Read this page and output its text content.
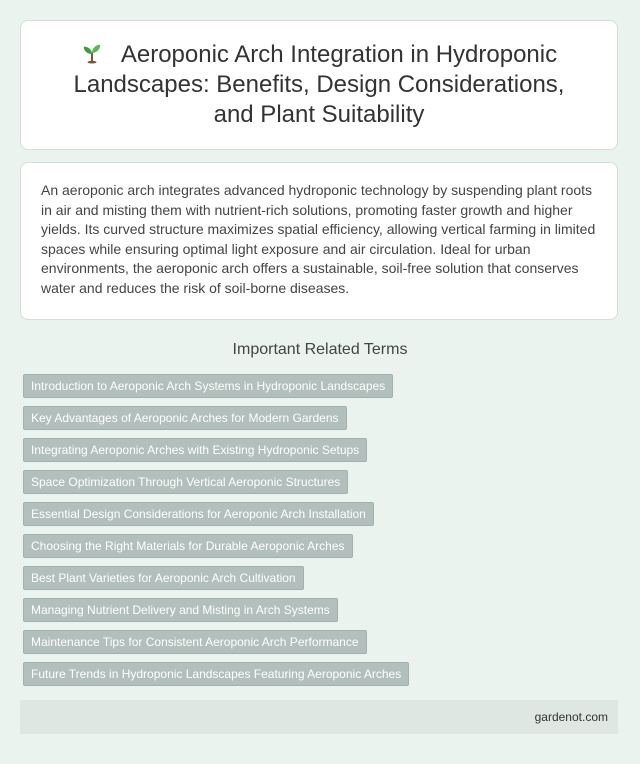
Aeroponic Arch Integration in Hydroponic Landscapes: Benefits, Design Considerations, and Plant Suitability

An aeroponic arch integrates advanced hydroponic technology by suspending plant roots in air and misting them with nutrient-rich solutions, promoting faster growth and higher yields. Its curved structure maximizes spatial efficiency, allowing vertical farming in limited spaces while ensuring optimal light exposure and air circulation. Ideal for urban environments, the aeroponic arch offers a sustainable, soil-free solution that conserves water and reduces the risk of soil-borne diseases.

Important Related Terms
Introduction to Aeroponic Arch Systems in Hydroponic Landscapes
Key Advantages of Aeroponic Arches for Modern Gardens
Integrating Aeroponic Arches with Existing Hydroponic Setups
Space Optimization Through Vertical Aeroponic Structures
Essential Design Considerations for Aeroponic Arch Installation
Choosing the Right Materials for Durable Aeroponic Arches
Best Plant Varieties for Aeroponic Arch Cultivation
Managing Nutrient Delivery and Misting in Arch Systems
Maintenance Tips for Consistent Aeroponic Arch Performance
Future Trends in Hydroponic Landscapes Featuring Aeroponic Arches
gardenot.com
